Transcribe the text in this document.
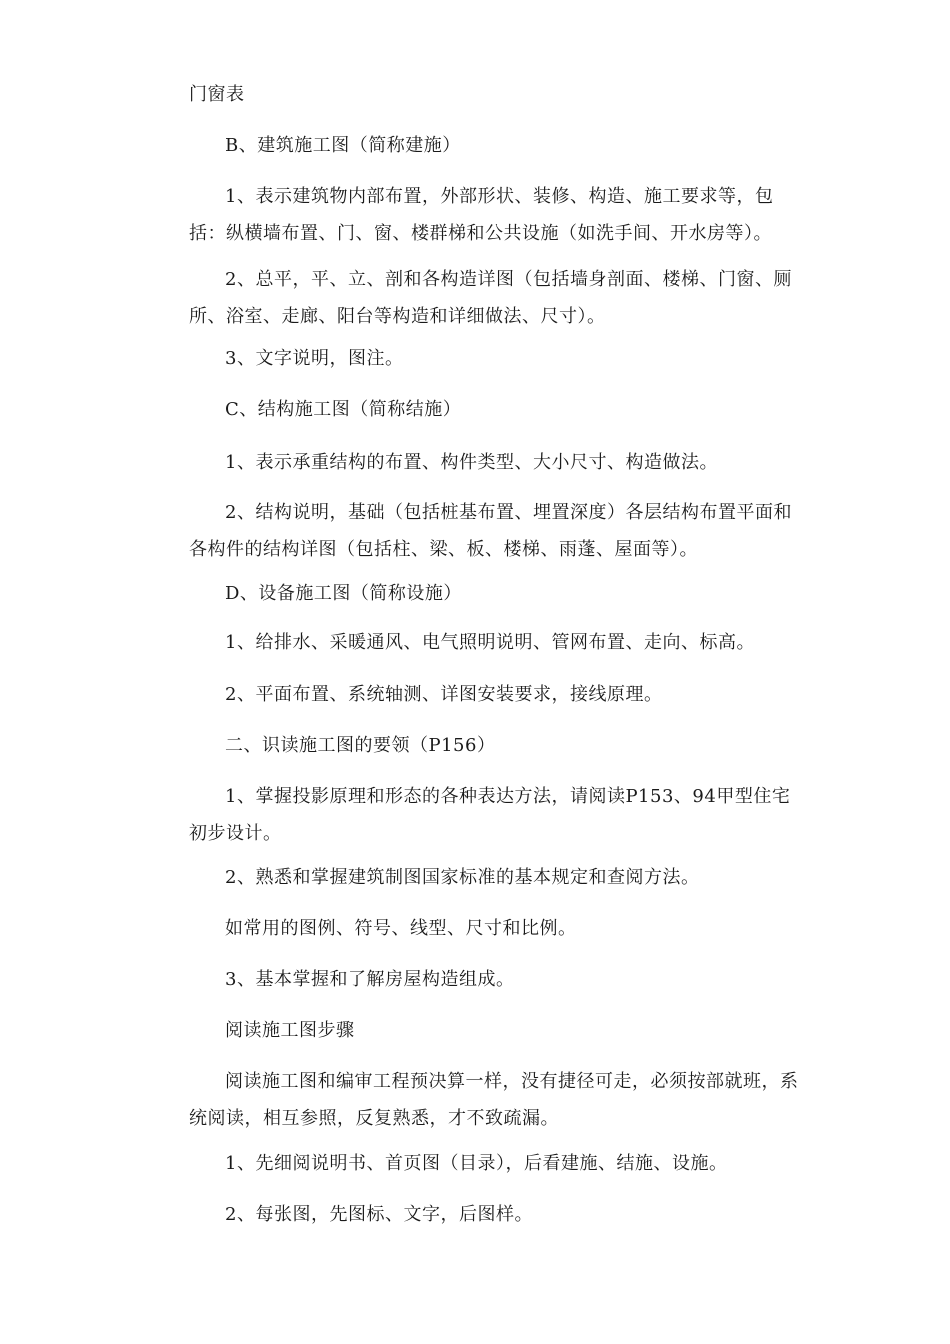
门窗表

B、建筑施工图（简称建施）

1、表示建筑物内部布置，外部形状、装修、构造、施工要求等，包括：纵横墙布置、门、窗、楼群梯和公共设施（如洗手间、开水房等）。

2、总平，平、立、剖和各构造详图（包括墙身剖面、楼梯、门窗、厕所、浴室、走廊、阳台等构造和详细做法、尺寸）。

3、文字说明，图注。

C、结构施工图（简称结施）

1、表示承重结构的布置、构件类型、大小尺寸、构造做法。

2、结构说明，基础（包括桩基布置、埋置深度）各层结构布置平面和各构件的结构详图（包括柱、梁、板、楼梯、雨蓬、屋面等）。

D、设备施工图（简称设施）

1、给排水、采暖通风、电气照明说明、管网布置、走向、标高。

2、平面布置、系统轴测、详图安装要求，接线原理。

二、识读施工图的要领（P156）

1、掌握投影原理和形态的各种表达方法，请阅读P153、94甲型住宅初步设计。

2、熟悉和掌握建筑制图国家标准的基本规定和查阅方法。

如常用的图例、符号、线型、尺寸和比例。

3、基本掌握和了解房屋构造组成。

阅读施工图步骤

阅读施工图和编审工程预决算一样，没有捷径可走，必须按部就班，系统阅读，相互参照，反复熟悉，才不致疏漏。

1、先细阅说明书、首页图（目录），后看建施、结施、设施。

2、每张图，先图标、文字，后图样。
